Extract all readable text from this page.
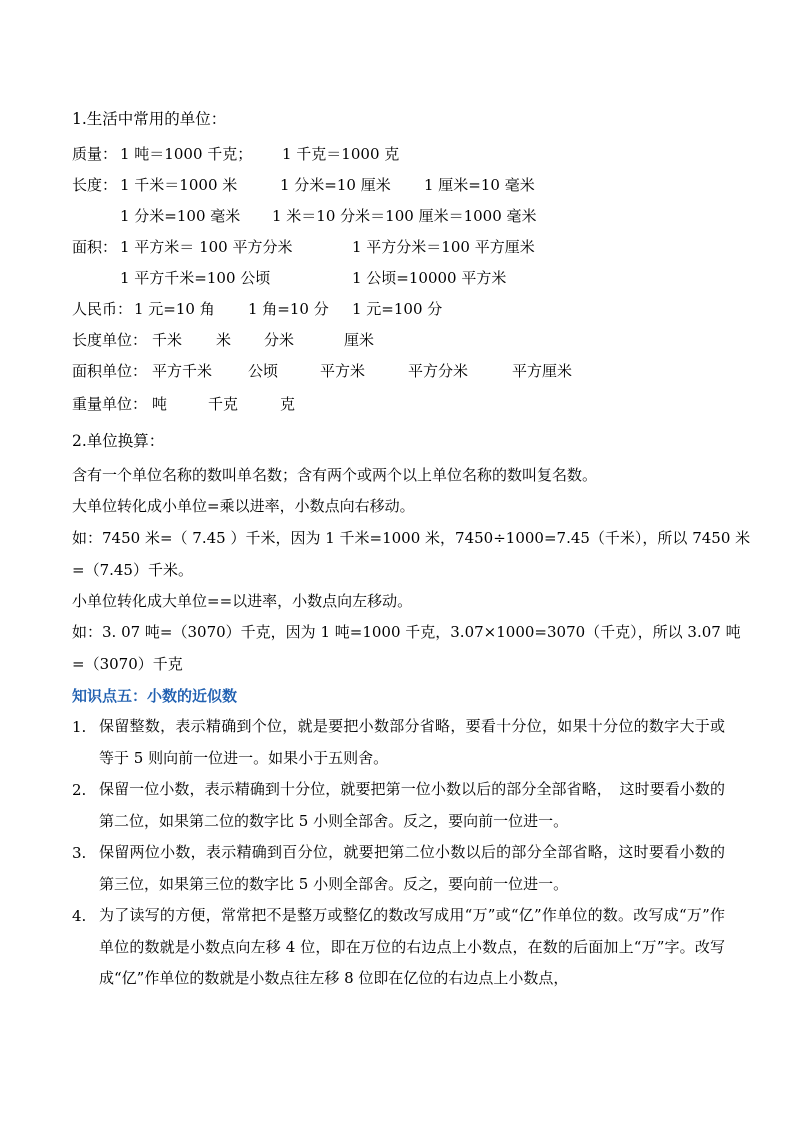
1.生活中常用的单位：
质量： 1 吨＝1000 千克； 1 千克＝1000 克
长度： 1 千米＝1000 米	1 分米=10 厘米 1 厘米=10 毫米
1 分米=100 毫米 1 米＝10 分米＝100 厘米＝1000 毫米
面积： 1 平方米＝ 100 平方分米	1 平方分米＝100 平方厘米
1 平方千米=100 公顷	1 公顷=10000 平方米
人民币： 1 元=10 角 1 角=10 分 1 元=100 分
长度单位： 千米 米 分米	厘米
面积单位： 平方千米 公顷	平方米	平方分米	平方厘米
重量单位： 吨	千克	克
2.单位换算：
含有一个单位名称的数叫单名数；含有两个或两个以上单位名称的数叫复名数。
大单位转化成小单位=乘以进率，小数点向右移动。
如：7450 米=（ 7.45 ）千米，因为 1 千米=1000 米，7450÷1000=7.45（千米），所以 7450 米
=（7.45）千米。
小单位转化成大单位==以进率，小数点向左移动。
如：3. 07 吨=（3070）千克，因为 1 吨=1000 千克，3.07×1000=3070（千克），所以 3.07 吨
=（3070）千克
知识点五：小数的近似数
1. 保留整数，表示精确到个位，就是要把小数部分省略，要看十分位，如果十分位的数字大于或等于 5 则向前一位进一。如果小于五则舍。
2. 保留一位小数，表示精确到十分位，就要把第一位小数以后的部分全部省略，　这时要看小数的第二位，如果第二位的数字比 5 小则全部舍。反之，要向前一位进一。
3. 保留两位小数，表示精确到百分位，就要把第二位小数以后的部分全部省略，这时要看小数的第三位，如果第三位的数字比 5 小则全部舍。反之，要向前一位进一。
4. 为了读写的方便，常常把不是整万或整亿的数改写成用“万”或“亿”作单位的数。改写成“万”作单位的数就是小数点向左移 4 位，即在万位的右边点上小数点，在数的后面加上“万”字。改写成“亿”作单位的数就是小数点往左移 8 位即在亿位的右边点上小数点，
